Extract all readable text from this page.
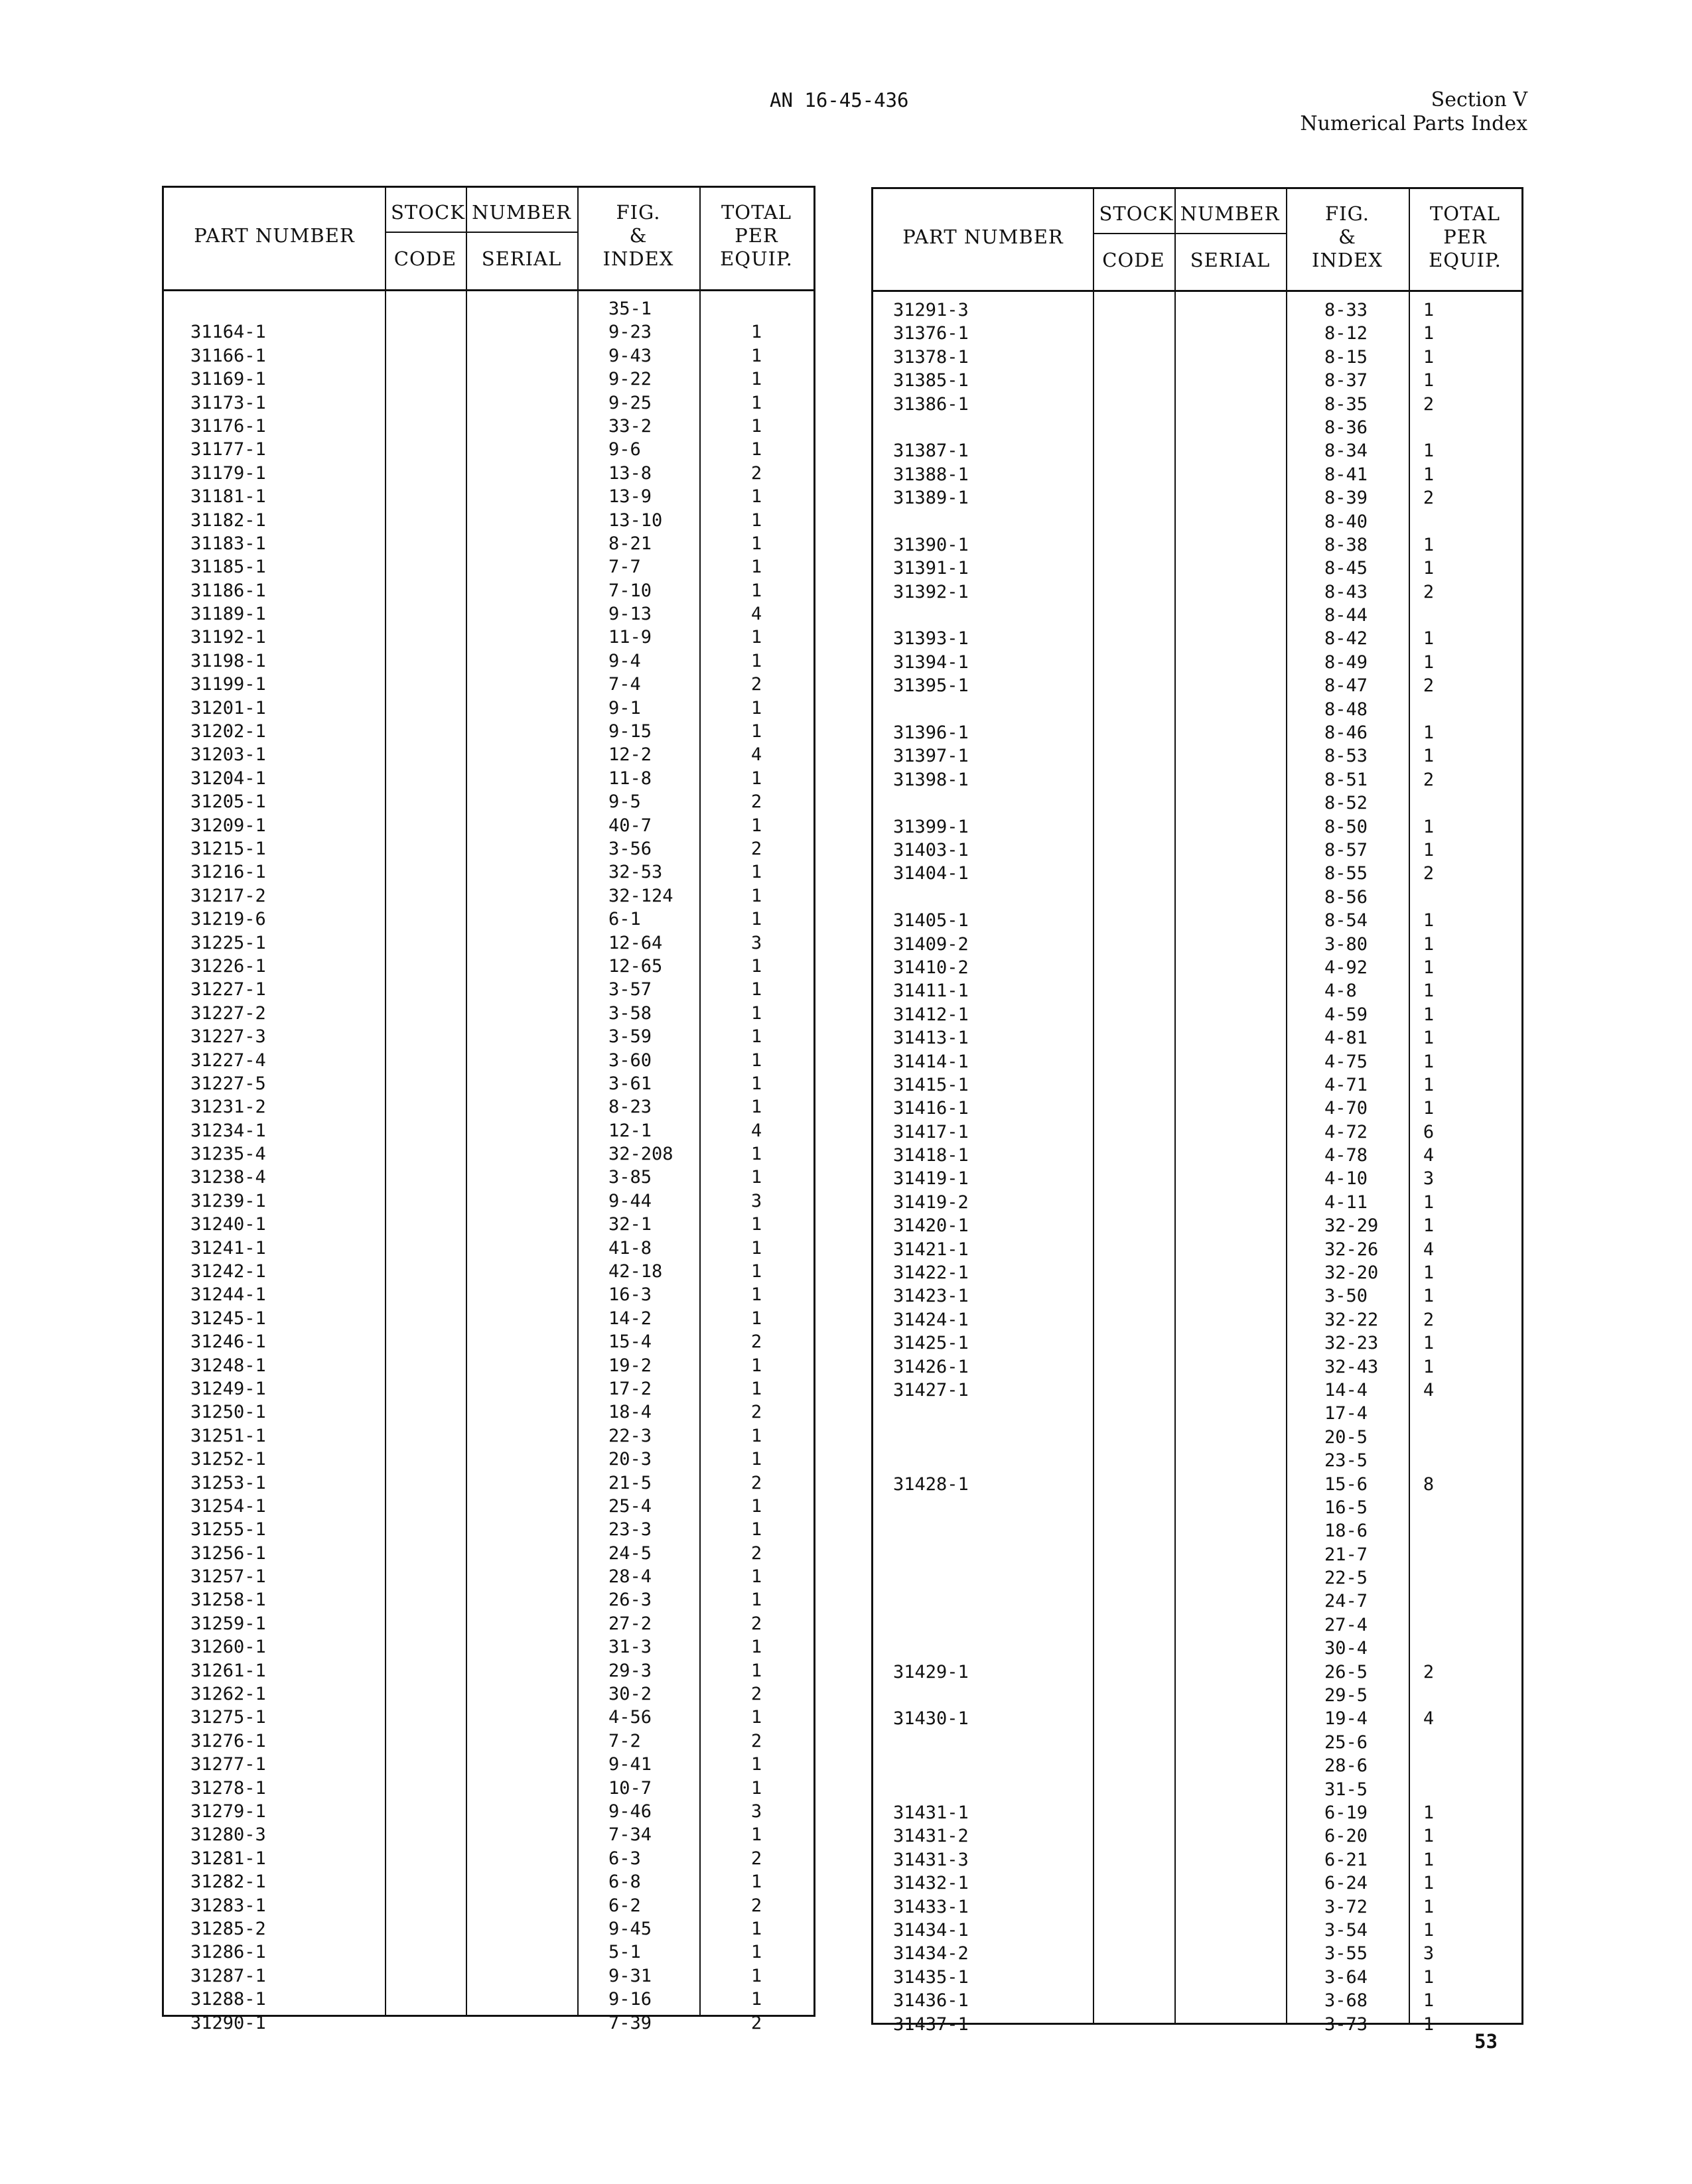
AN 16-45-436	Section V
Numerical Parts Index
PART NUMBER
STOCK NUMBER
CODE	SERIAL
FIG.
&
INDEX
TOTAL
PER
EQUIP.
35-1
31164-1	9-23	1
31166-1	9-43	1
31169-1	9-22	1
31173-1	9-25	1
31176-1	33-2	1
31177-1	9-6	1
31179-1	13-8	2
31181-1	13-9	1
31182-1	13-10	1
31183-1	8-21	1
31185-1	7-7	1
31186-1	7-10	1
31189-1	9-13	4
31192-1	11-9	1
31198-1	9-4	1
31199-1	7-4	2
31201-1	9-1	1
31202-1	9-15	1
31203-1	12-2	4
31204-1	11-8	1
31205-1	9-5	2
31209-1	40-7	1
31215-1	3-56	2
31216-1	32-53	1
31217-2	32-124	1
31219-6	6-1	1
31225-1	12-64	3
31226-1	12-65	1
31227-1	3-57	1
31227-2	3-58	1
31227-3	3-59	1
31227-4	3-60	1
31227-5	3-61	1
31231-2	8-23	1
31234-1	12-1	4
31235-4	32-208	1
31238-4	3-85	1
31239-1	9-44	3
31240-1	32-1	1
31241-1	41-8	1
31242-1	42-18	1
31244-1	16-3	1
31245-1	14-2	1
31246-1	15-4	2
31248-1	19-2	1
31249-1	17-2	1
31250-1	18-4	2
31251-1	22-3	1
31252-1	20-3	1
31253-1	21-5	2
31254-1	25-4	1
31255-1	23-3	1
31256-1	24-5	2
31257-1	28-4	1
31258-1	26-3	1
31259-1	27-2	2
31260-1	31-3	1
31261-1	29-3	1
31262-1	30-2	2
31275-1	4-56	1
31276-1	7-2	2
31277-1	9-41	1
31278-1	10-7	1
31279-1	9-46	3
31280-3	7-34	1
31281-1	6-3	2
31282-1	6-8	1
31283-1	6-2	2
31285-2	9-45	1
31286-1	5-1	1
31287-1	9-31	1
31288-1	9-16	1
31290-1	7-39	2
PART NUMBER
STOCK NUMBER
CODE	SERIAL
FIG.
&
INDEX
TOTAL
PER
EQUIP.
31291-3	8-33	1
31376-1	8-12	1
31378-1	8-15	1
31385-1	8-37	1
31386-1	8-35	2
8-36
31387-1	8-34	1
31388-1	8-41	1
31389-1	8-39	2
8-40
31390-1	8-38	1
31391-1	8-45	1
31392-1	8-43	2
8-44
31393-1	8-42	1
31394-1	8-49	1
31395-1	8-47	2
8-48
31396-1	8-46	1
31397-1	8-53	1
31398-1	8-51	2
8-52
31399-1	8-50	1
31403-1	8-57	1
31404-1	8-55	2
8-56
31405-1	8-54	1
31409-2	3-80	1
31410-2	4-92	1
31411-1	4-8	1
31412-1	4-59	1
31413-1	4-81	1
31414-1	4-75	1
31415-1	4-71	1
31416-1	4-70	1
31417-1	4-72	6
31418-1	4-78	4
31419-1	4-10	3
31419-2	4-11	1
31420-1	32-29	1
31421-1	32-26	4
31422-1	32-20	1
31423-1	3-50	1
31424-1	32-22	2
31425-1	32-23	1
31426-1	32-43	1
31427-1	14-4	4
17-4
20-5
23-5
31428-1	15-6	8
16-5
18-6
21-7
22-5
24-7
27-4
30-4
31429-1	26-5	2
29-5
31430-1	19-4	4
25-6
28-6
31-5
31431-1	6-19	1
31431-2	6-20	1
31431-3	6-21	1
31432-1	6-24	1
31433-1	3-72	1
31434-1	3-54	1
31434-2	3-55	3
31435-1	3-64	1
31436-1	3-68	1
31437-1	3-73	1
53
